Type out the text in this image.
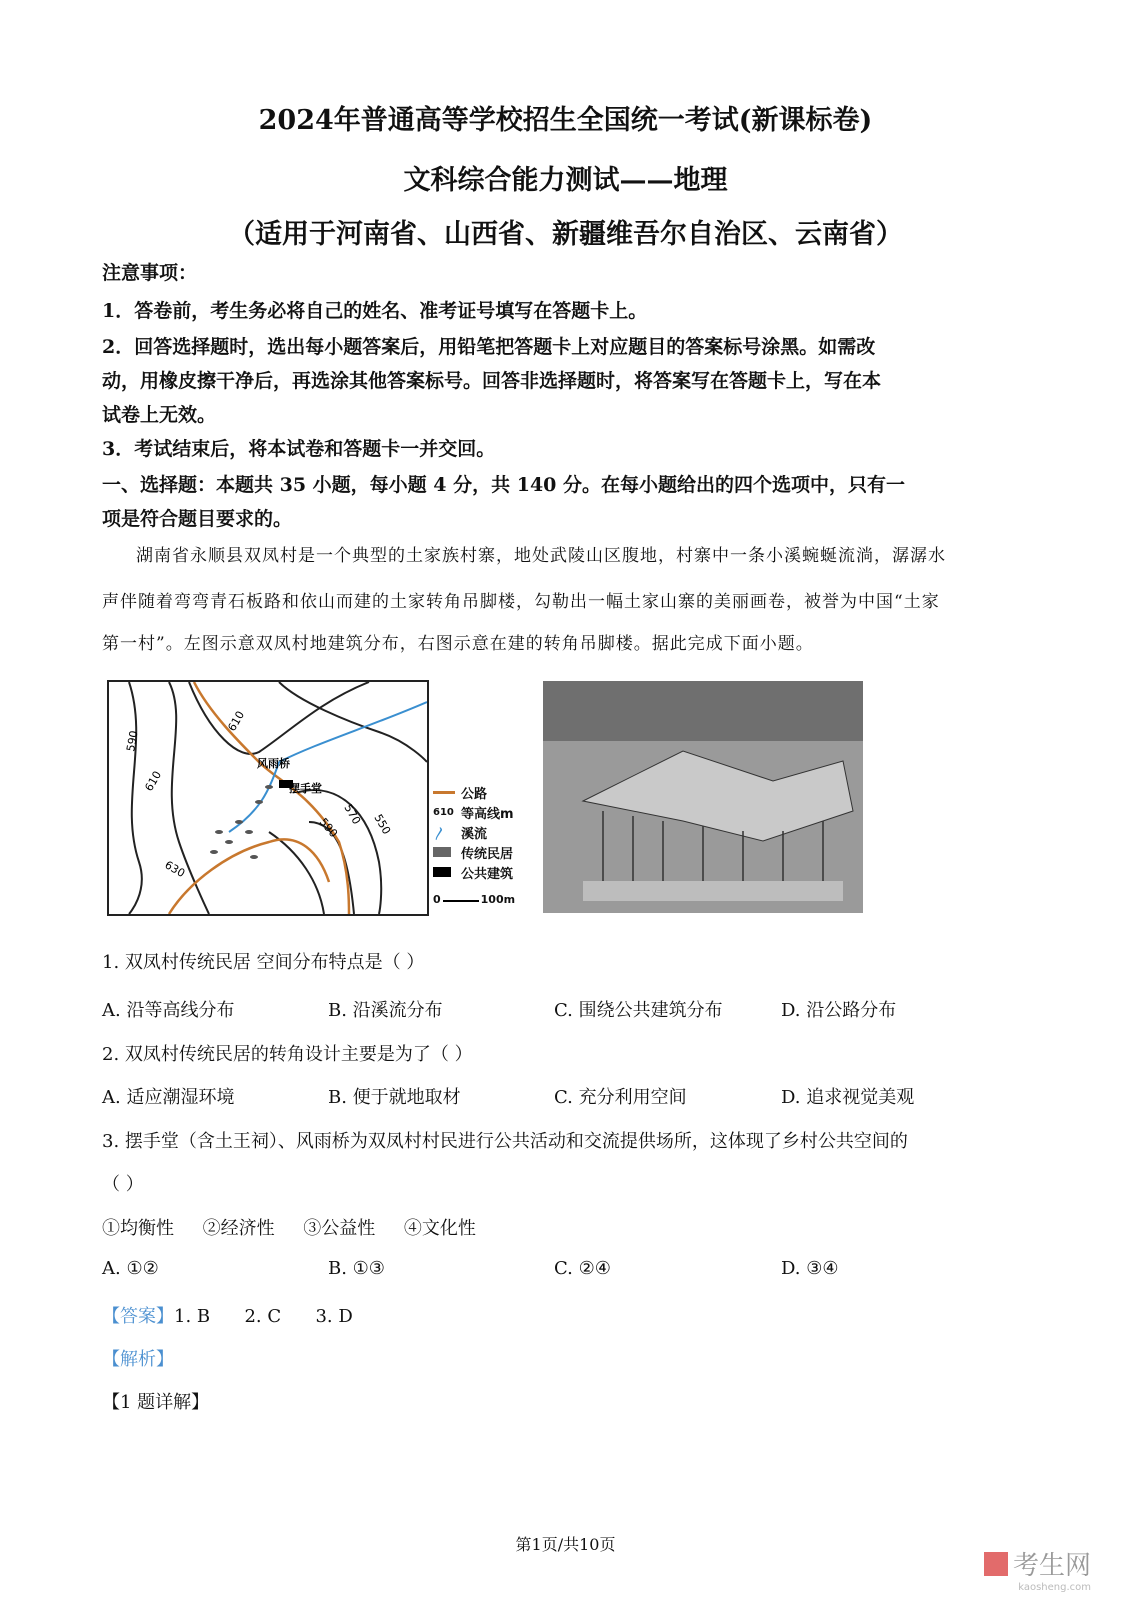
2024年普通高等学校招生全国统一考试(新课标卷)
文科综合能力测试——地理
（适用于河南省、山西省、新疆维吾尔自治区、云南省）
注意事项：
1．答卷前，考生务必将自己的姓名、准考证号填写在答题卡上。
2．回答选择题时，选出每小题答案后，用铅笔把答题卡上对应题目的答案标号涂黑。如需改
动，用橡皮擦干净后，再选涂其他答案标号。回答非选择题时，将答案写在答题卡上，写在本
试卷上无效。
3．考试结束后，将本试卷和答题卡一并交回。
一、选择题：本题共 35 小题，每小题 4 分，共 140 分。在每小题给出的四个选项中，只有一
项是符合题目要求的。
湖南省永顺县双凤村是一个典型的土家族村寨，地处武陵山区腹地，村寨中一条小溪蜿蜒流淌，潺潺水
声伴随着弯弯青石板路和依山而建的土家转角吊脚楼，勾勒出一幅土家山寨的美丽画卷，被誉为中国“土家
第一村”。左图示意双凤村地建筑分布，右图示意在建的转角吊脚楼。据此完成下面小题。
风雨桥
摆手堂
610
590
610
630
590
570 550
公路
610 等高线m
〳	溪流
传统民居
公共建筑
0	100m
1. 双凤村传统民居 空间分布特点是（ ）
A. 沿等高线分布	B. 沿溪流分布	C. 围绕公共建筑分布	D. 沿公路分布
2. 双凤村传统民居的转角设计主要是为了（ ）
A. 适应潮湿环境	B. 便于就地取材	C. 充分利用空间	D. 追求视觉美观
3. 摆手堂（含土王祠）、风雨桥为双凤村村民进行公共活动和交流提供场所，这体现了乡村公共空间的
（ ）
①均衡性     ②经济性     ③公益性     ④文化性
A. ①②	B. ①③	C. ②④	D. ③④
【答案】1. B      2. C      3. D
【解析】
【1 题详解】
第1页/共10页
考生网
kaosheng.com
